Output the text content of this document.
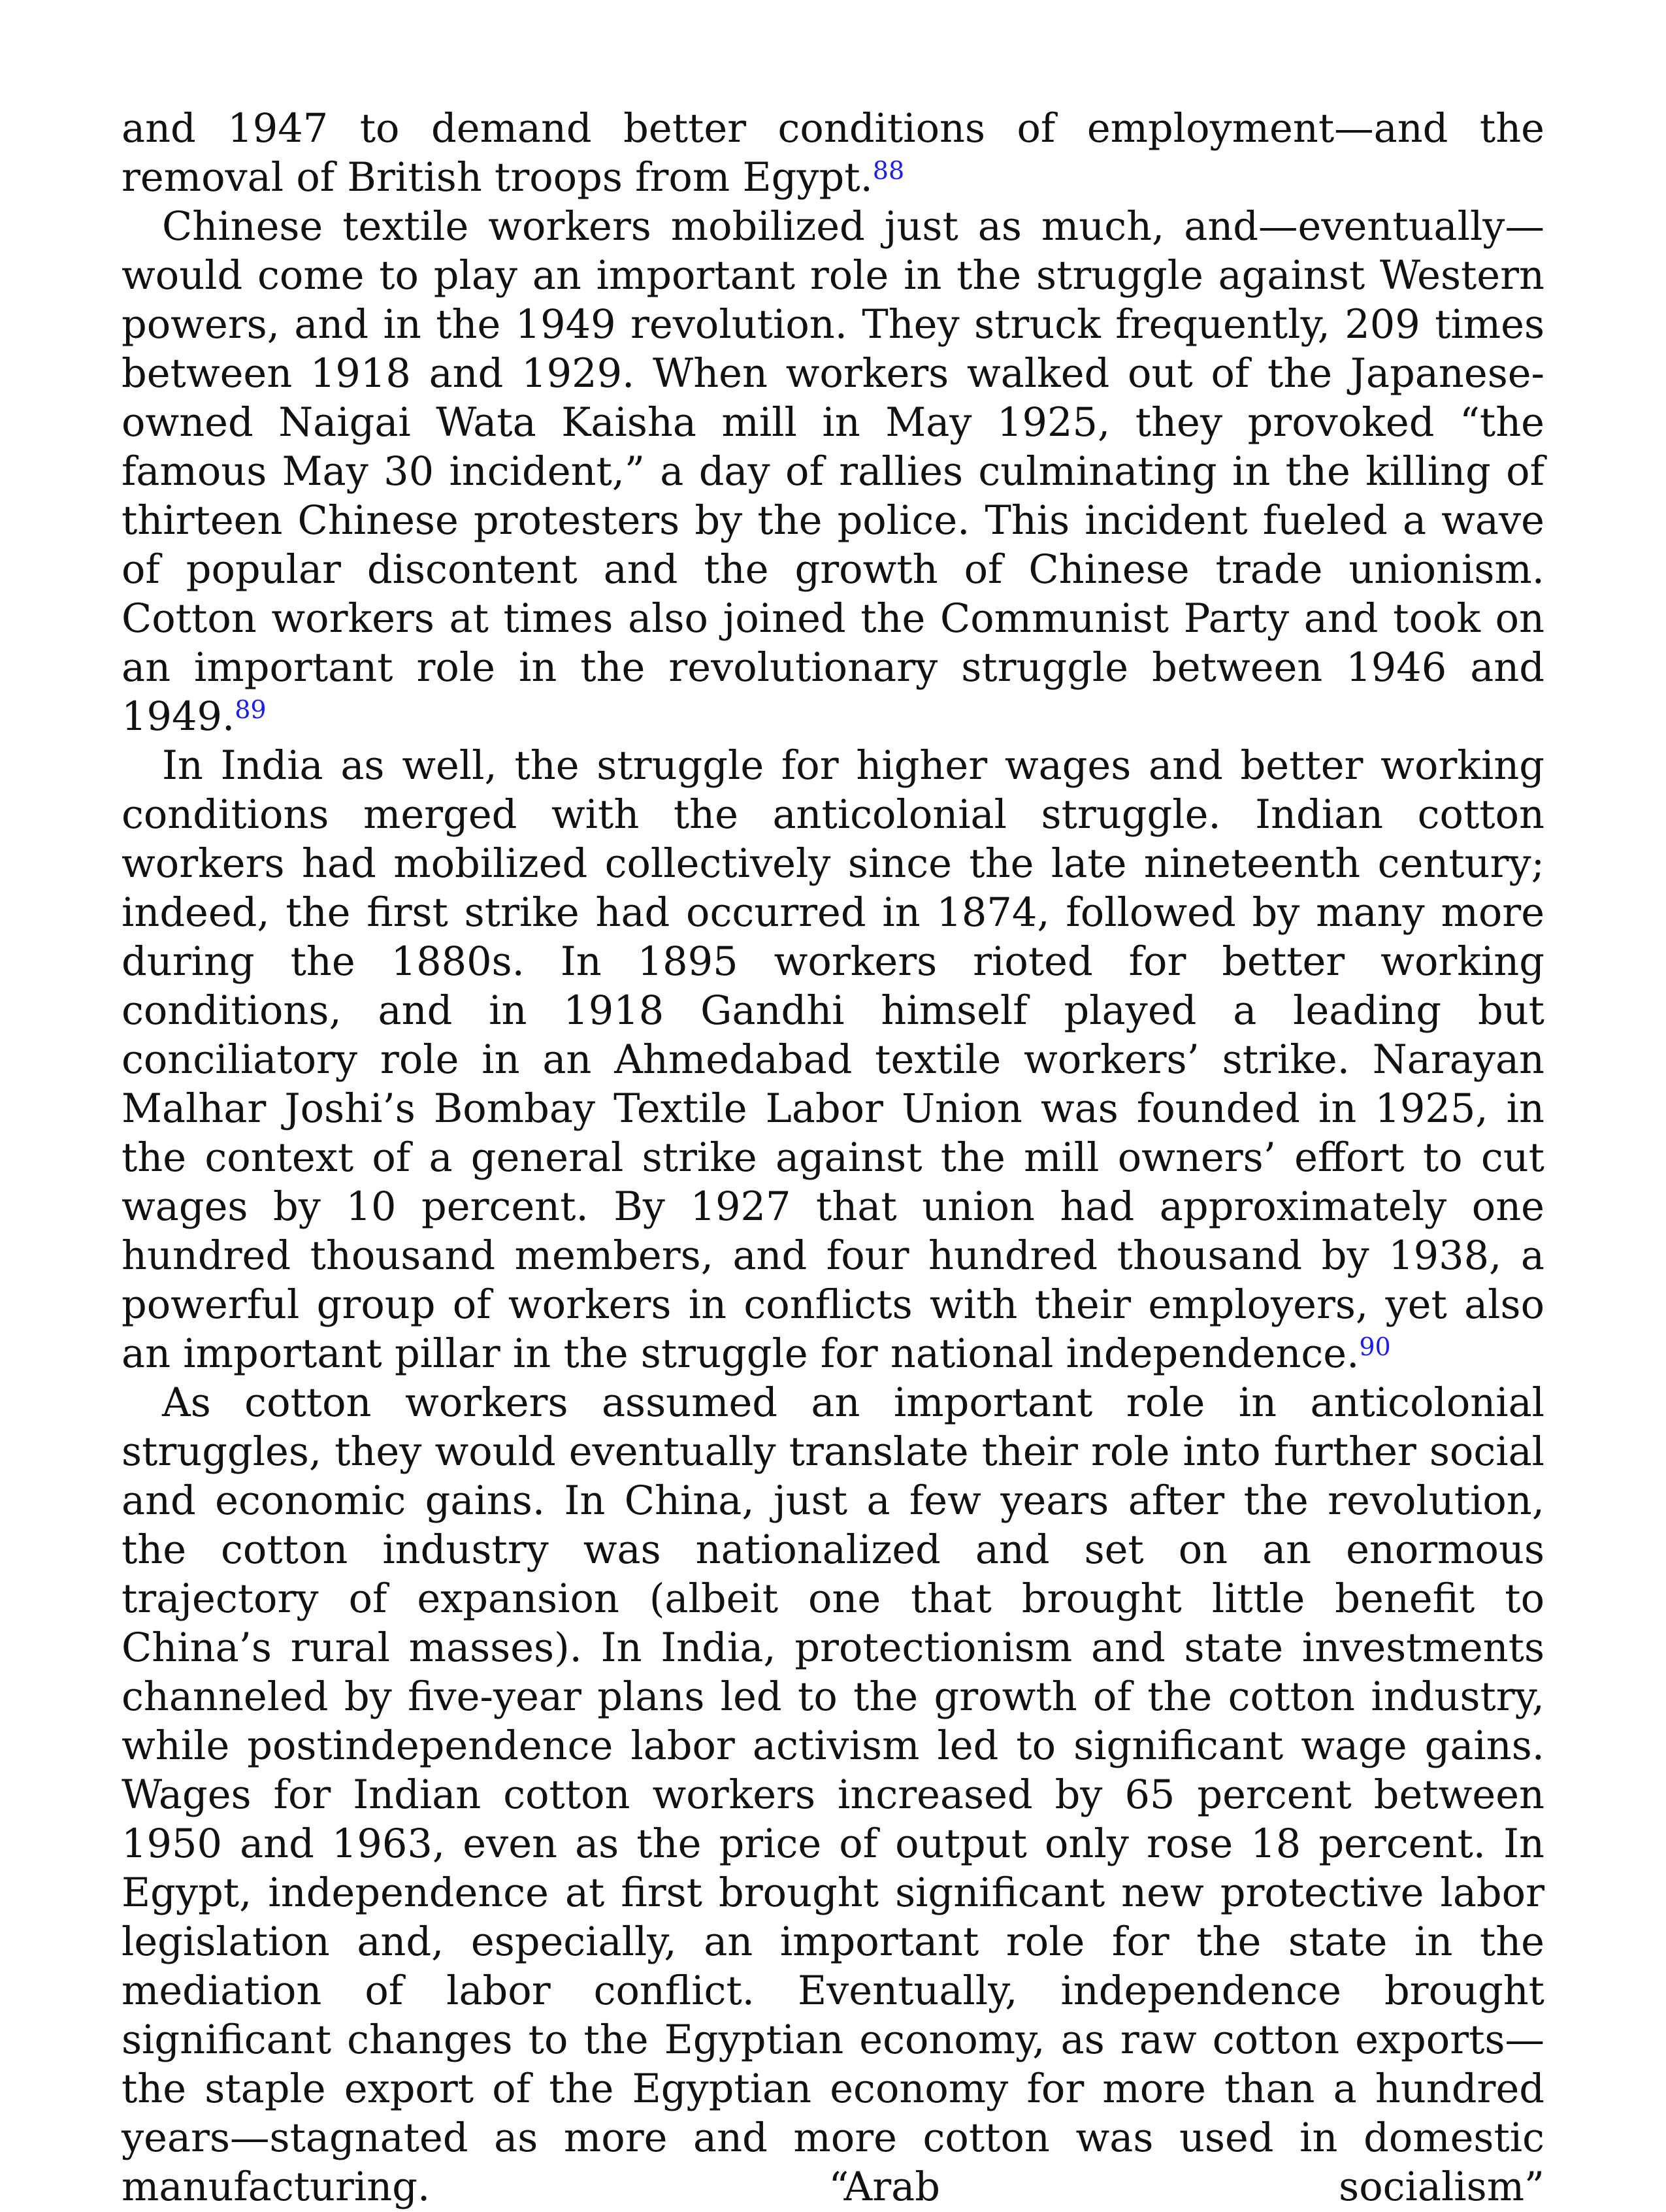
and 1947 to demand better conditions of employment—and the removal of British troops from Egypt.$^{88}$

Chinese textile workers mobilized just as much, and—eventually—would come to play an important role in the struggle against Western powers, and in the 1949 revolution. They struck frequently, 209 times between 1918 and 1929. When workers walked out of the Japanese-owned Naigai Wata Kaisha mill in May 1925, they provoked “the famous May 30 incident,” a day of rallies culminating in the killing of thirteen Chinese protesters by the police. This incident fueled a wave of popular discontent and the growth of Chinese trade unionism. Cotton workers at times also joined the Communist Party and took on an important role in the revolutionary struggle between 1946 and 1949.89

In India as well, the struggle for higher wages and better working conditions merged with the anticolonial struggle. Indian cotton workers had mobilized collectively since the late nineteenth century; indeed, the first strike had occurred in 1874, followed by many more during the 1880s. In 1895 workers rioted for better working conditions, and in 1918 Gandhi himself played a leading but conciliatory role in an Ahmedabad textile workers’ strike. Narayan Malhar Joshi’s Bombay Textile Labor Union was founded in 1925, in the context of a general strike against the mill owners’ effort to cut wages by 10 percent. By 1927 that union had approximately one hundred thousand members, and four hundred thousand by 1938, a powerful group of workers in conflicts with their employers, yet also an important pillar in the struggle for national independence.$^{90}$

As cotton workers assumed an important role in anticolonial struggles, they would eventually translate their role into further social and economic gains. In China, just a few years after the revolution, the cotton industry was nationalized and set on an enormous trajectory of expansion (albeit one that brought little benefit to China’s rural masses). In India, protectionism and state investments channeled by five-year plans led to the growth of the cotton industry, while postindependence labor activism led to significant wage gains. Wages for Indian cotton workers increased by 65 percent between 1950 and 1963, even as the price of output only rose 18 percent. In Egypt, independence at first brought significant new protective labor legislation and, especially, an important role for the state in the mediation of labor conflict. Eventually, independence brought significant changes to the Egyptian economy, as raw cotton exports—the staple export of the Egyptian economy for more than a hundred years—stagnated as more and more cotton was used in domestic manufacturing. “Arab socialism”
